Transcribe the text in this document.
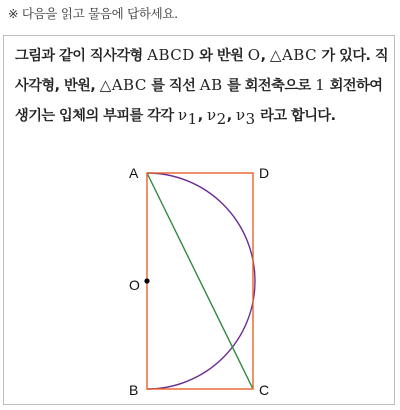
※ 다음을 읽고 물음에 답하세요.
그림과 같이 직사각형 ABCD 와 반원 O, △ABC 가 있다. 직사각형, 반원, △ABC 를 직선 AB 를 회전축으로 1 회전하여 생기는 입체의 부피를 각각 $\nu_1$, $\nu_2$, $\nu_3$ 라고 합니다.
A	D
O
B	C
